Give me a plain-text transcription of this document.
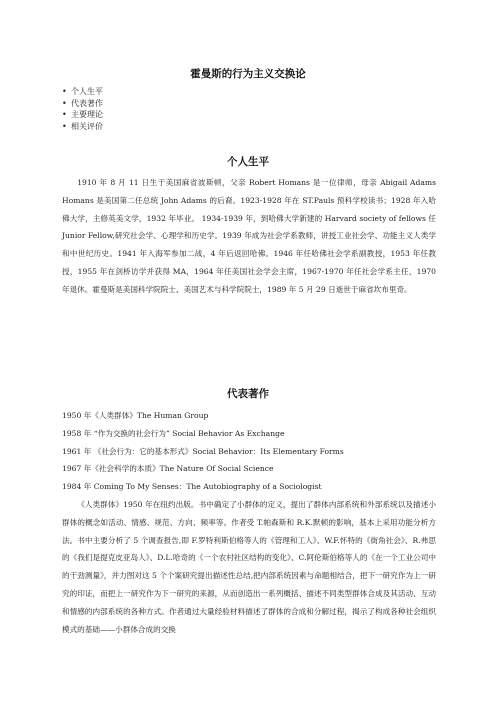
霍曼斯的行为主义交换论
• 个人生平
• 代表著作
• 主要理论
• 相关评价
个人生平

1910 年 8 月 11 日生于美国麻省波斯顿，父亲 Robert Homans 是一位律师，母亲 Abigail Adams Homans 是美国第二任总统 John Adams 的后裔。1923-1928 年在 ST.Pauls 预科学校读书；1928 年入哈佛大学，主修英美文学，1932 年毕业。 1934-1939 年，到哈佛大学新建的 Harvard society of fellows 任 Junior Fellow,研究社会学、心理学和历史学。1939 年成为社会学系教师，讲授工业社会学、功能主义人类学和中世纪历史。1941 年入海军参加二战，4 年后返回哈佛。1946 年任哈佛社会学系副教授，1953 年任教授，1955 年在剑桥访学并获得 MA，1964 年任美国社会学会主席，1967-1970 年任社会学系主任，1970 年退休。霍曼斯是美国科学院院士、美国艺术与科学院院士，1989 年 5 月 29 日逝世于麻省坎布里奇。

代表著作
1950 年《人类群体》The Human Group
1958 年 “作为交换的社会行为” Social Behavior As Exchange
1961 年 《社会行为：它的基本形式》Social Behavior：Its Elementary Forms
1967 年《社会科学的本质》The Nature Of Social Science
1984 年 Coming To My Senses：The Autobiography of a Sociologist

《人类群体》1950 年在纽约出版。书中确定了小群体的定义，提出了群体内部系统和外部系统以及描述小群体的概念如活动、情感、规范、方向、频率等。作者受 T.帕森斯和 R.K.默顿的影响，基本上采用功能分析方法。书中主要分析了 5 个调查报告,即 F.罗特利斯伯格等人的《管理和工人》、W.F.怀特的《街角社会》、R.弗思的《我们是提克皮亚岛人》、D.L.哈奇的《一个农村社区结构的变化》、C.阿伦斯伯格等人的《在一个工业公司中的干劲测量》，并力图对这 5 个个案研究提出描述性总结,把内部系统因素与命题相结合，把下一研究作为上一研究的印证，而把上一研究作为下一研究的来源，从而创造出一系列概括、描述不同类型群体合成及其活动、互动和情感的内部系统的各种方式。作者通过大量经验材料描述了群体的合成和分解过程，揭示了构成各种社会组织模式的基础——小群体合成的交换
